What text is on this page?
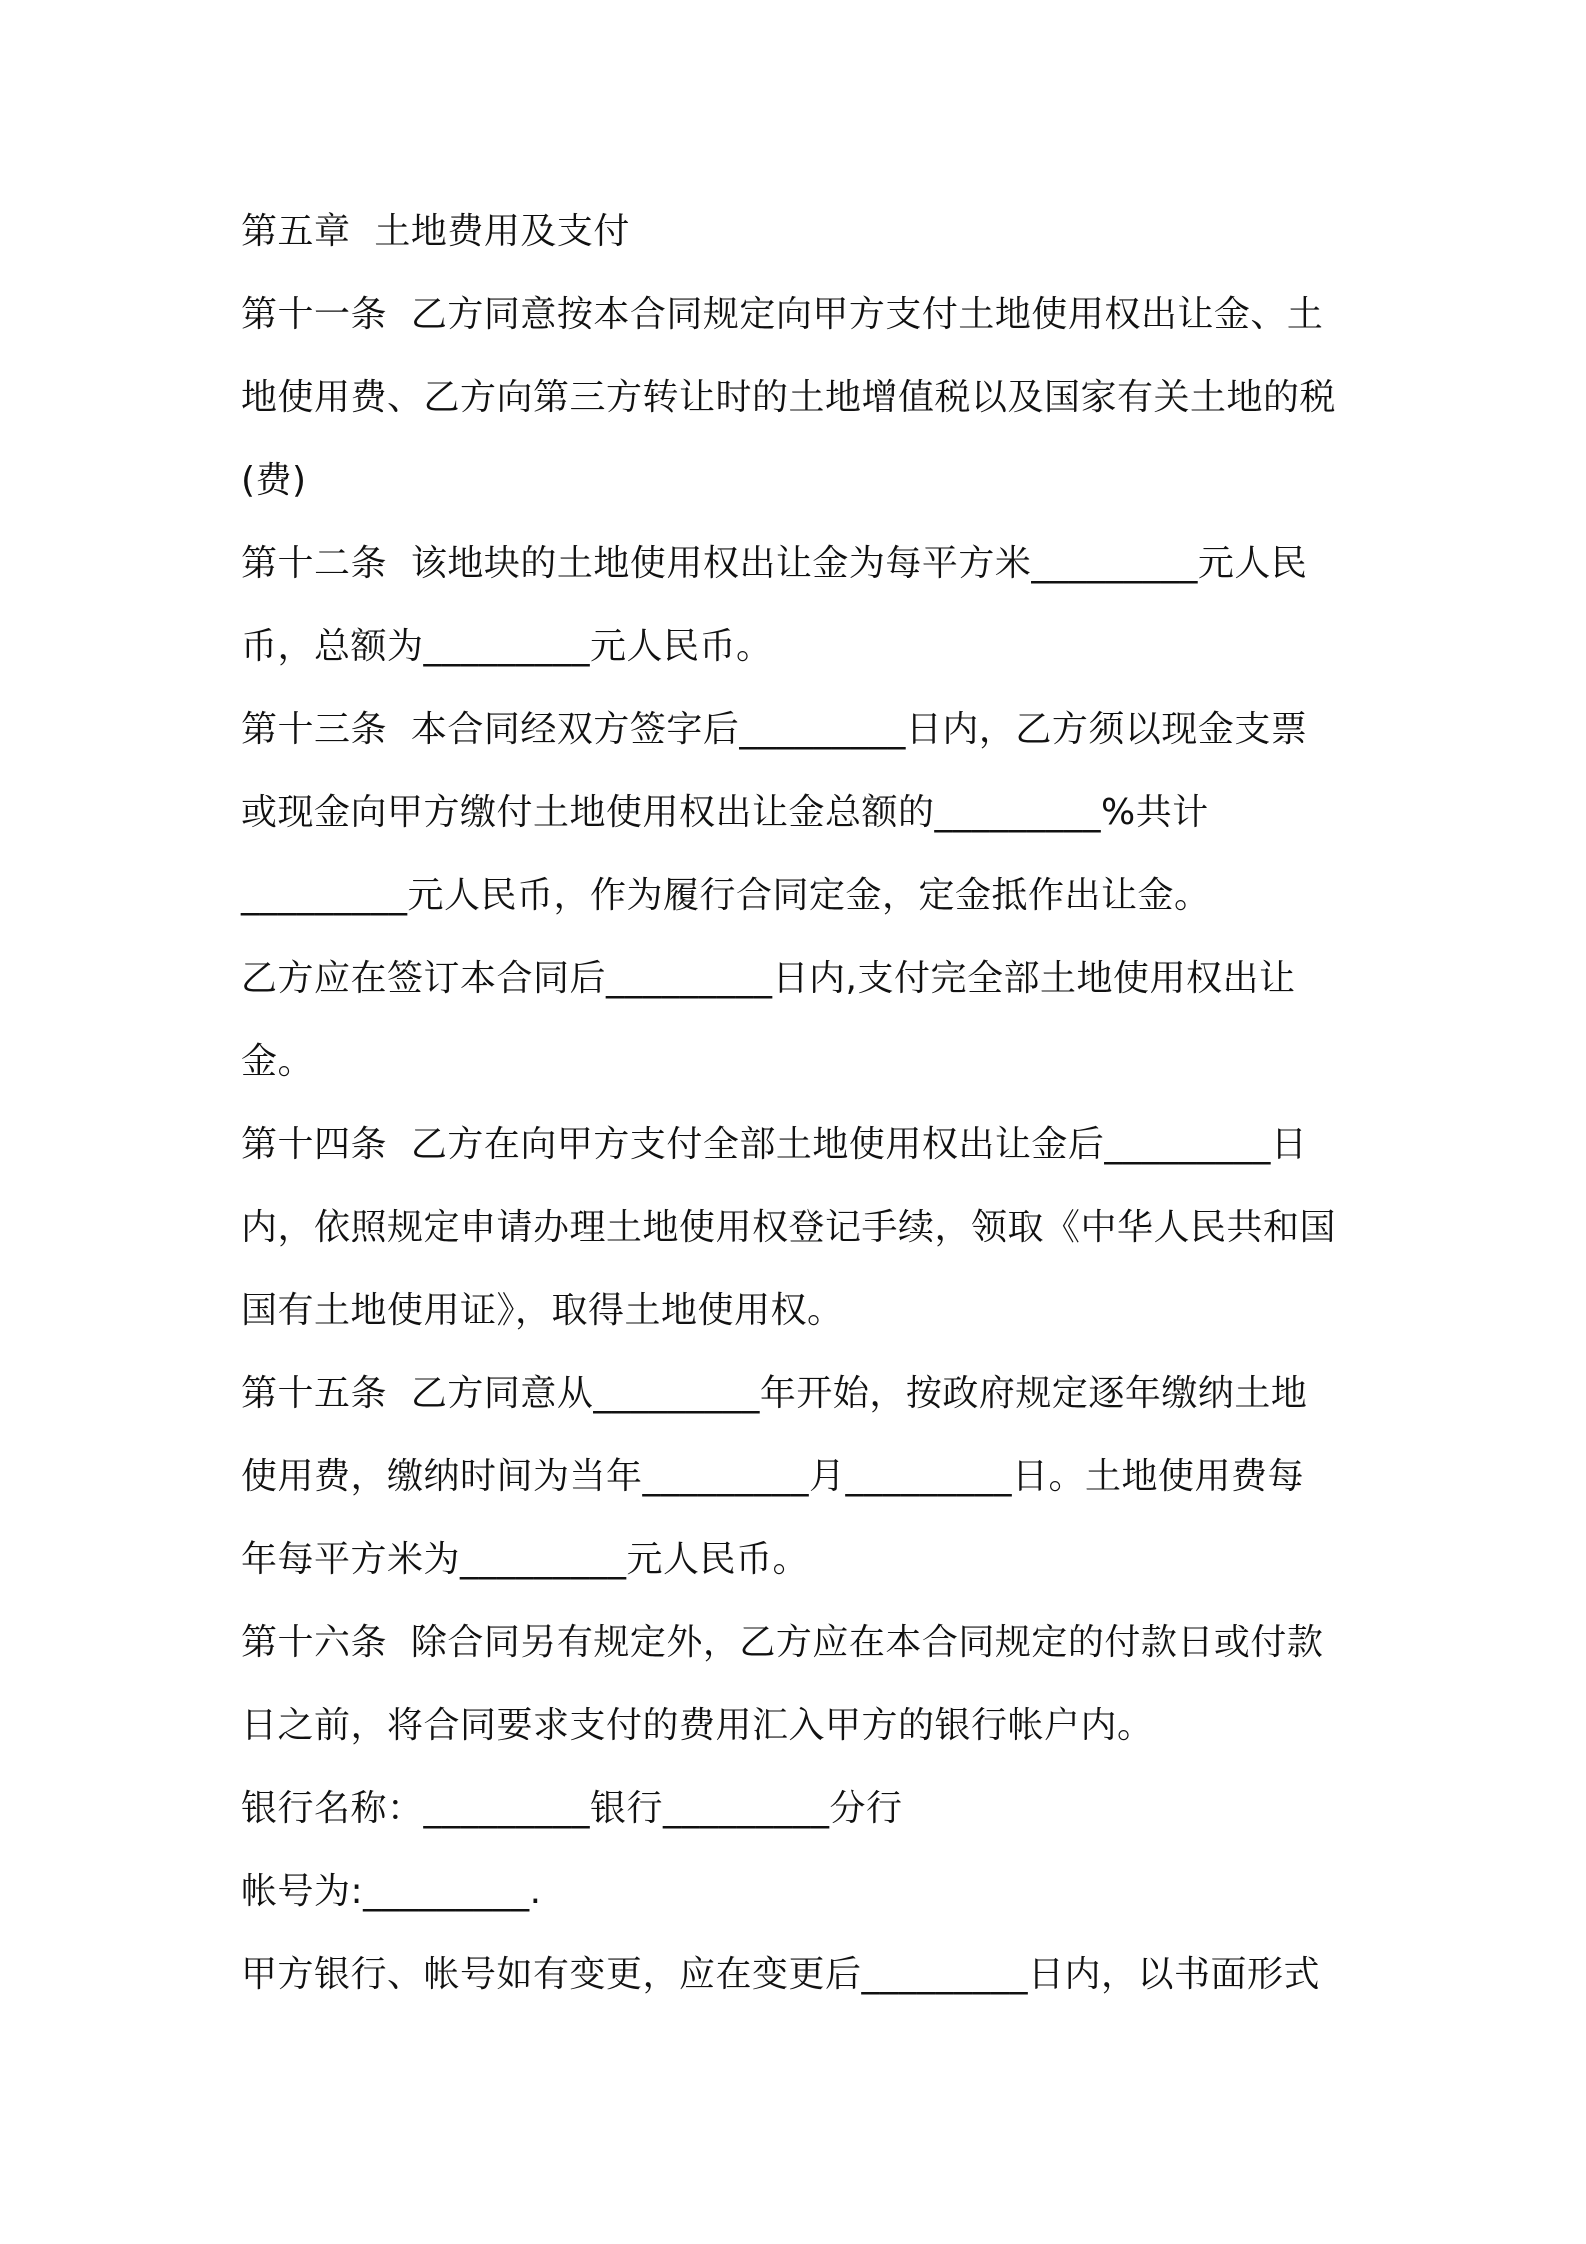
第五章  土地费用及支付
第十一条  乙方同意按本合同规定向甲方支付土地使用权出让金、土
地使用费、乙方向第三方转让时的土地增值税以及国家有关土地的税
(费)
第十二条  该地块的土地使用权出让金为每平方米_________元人民
币，总额为_________元人民币。
第十三条  本合同经双方签字后_________日内，乙方须以现金支票
或现金向甲方缴付土地使用权出让金总额的_________%共计
_________元人民币，作为履行合同定金，定金抵作出让金。
乙方应在签订本合同后_________日内,支付完全部土地使用权出让
金。
第十四条  乙方在向甲方支付全部土地使用权出让金后_________日
内，依照规定申请办理土地使用权登记手续，领取《中华人民共和国
国有土地使用证》，取得土地使用权。
第十五条  乙方同意从_________年开始，按政府规定逐年缴纳土地
使用费，缴纳时间为当年_________月_________日。土地使用费每
年每平方米为_________元人民币。
第十六条  除合同另有规定外，乙方应在本合同规定的付款日或付款
日之前，将合同要求支付的费用汇入甲方的银行帐户内。
银行名称：_________银行_________分行
帐号为:_________.
甲方银行、帐号如有变更，应在变更后_________日内，以书面形式
